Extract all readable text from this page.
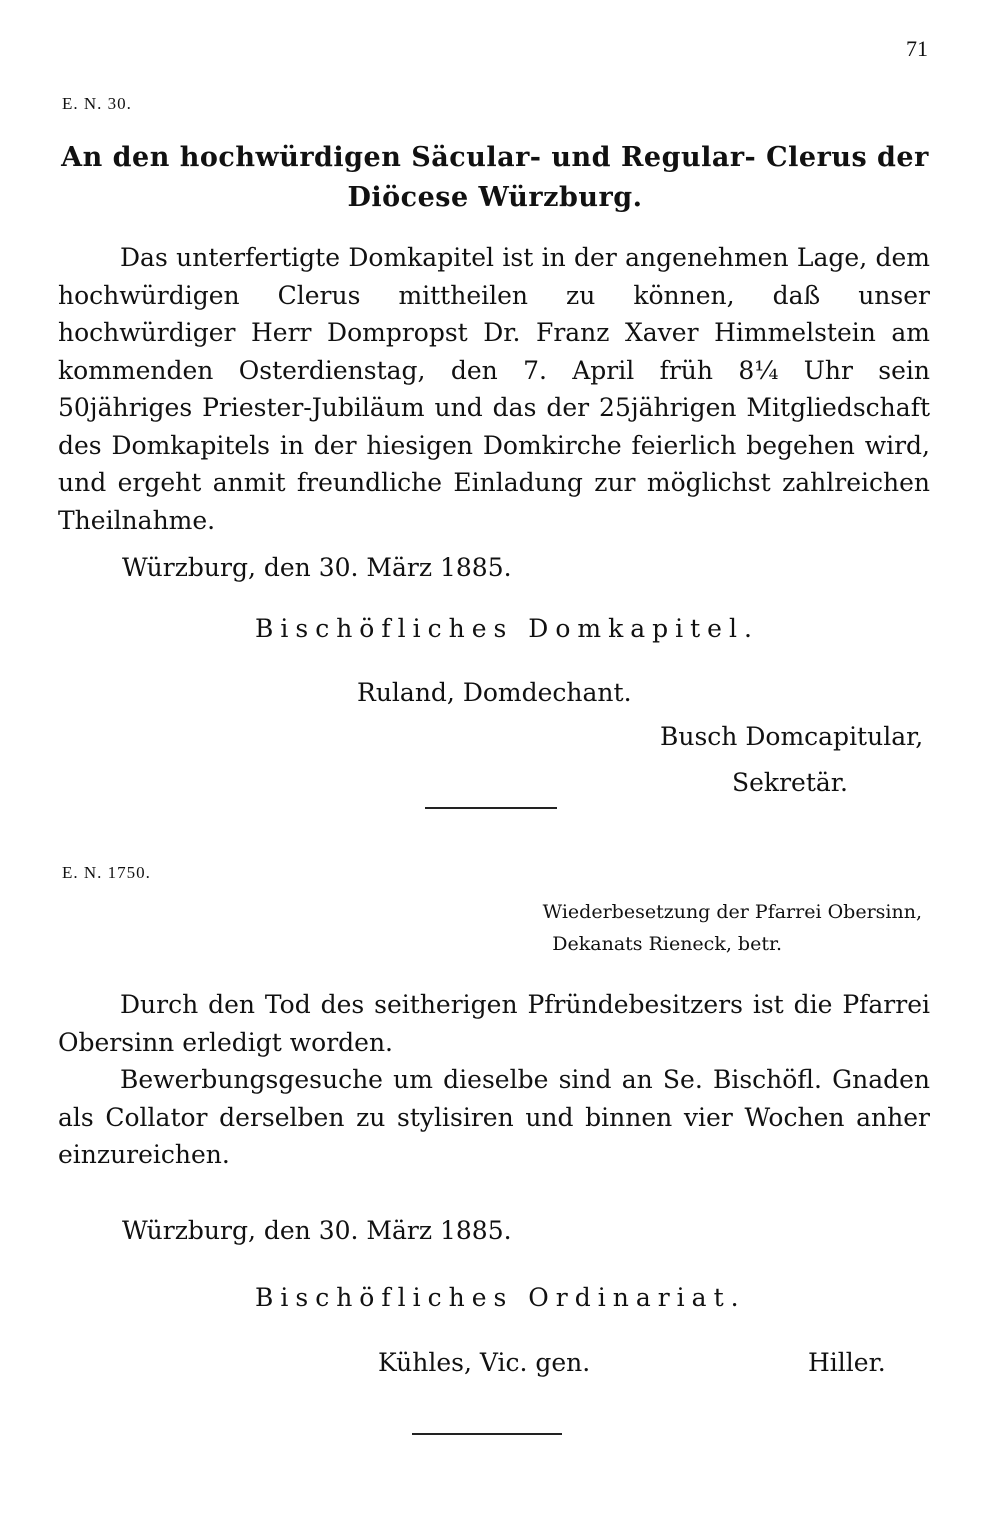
71
E. N. 30.
An den hochwürdigen Säcular- und Regular- Clerus der Diöcese Würzburg.
Das unterfertigte Domkapitel ist in der angenehmen Lage, dem hochwürdigen Clerus mittheilen zu können, daß unser hochwürdiger Herr Dompropst Dr. Franz Xaver Himmelstein am kommenden Osterdienstag, den 7. April früh 8¼ Uhr sein 50jähriges Priester-Jubiläum und das der 25jährigen Mitgliedschaft des Domkapitels in der hiesigen Domkirche feierlich begehen wird, und ergeht anmit freundliche Einladung zur möglichst zahlreichen Theilnahme.
Würzburg, den 30. März 1885.
Bischöfliches Domkapitel.
Ruland, Domdechant.
Busch Domcapitular,
Sekretär.
E. N. 1750.
Wiederbesetzung der Pfarrei Obersinn,
Dekanats Rieneck, betr.
Durch den Tod des seitherigen Pfründebesitzers ist die Pfarrei Obersinn erledigt worden.
Bewerbungsgesuche um dieselbe sind an Se. Bischöfl. Gnaden als Collator derselben zu stylisiren und binnen vier Wochen anher einzureichen.
Würzburg, den 30. März 1885.
Bischöfliches Ordinariat.
Kühles, Vic. gen.	Hiller.
